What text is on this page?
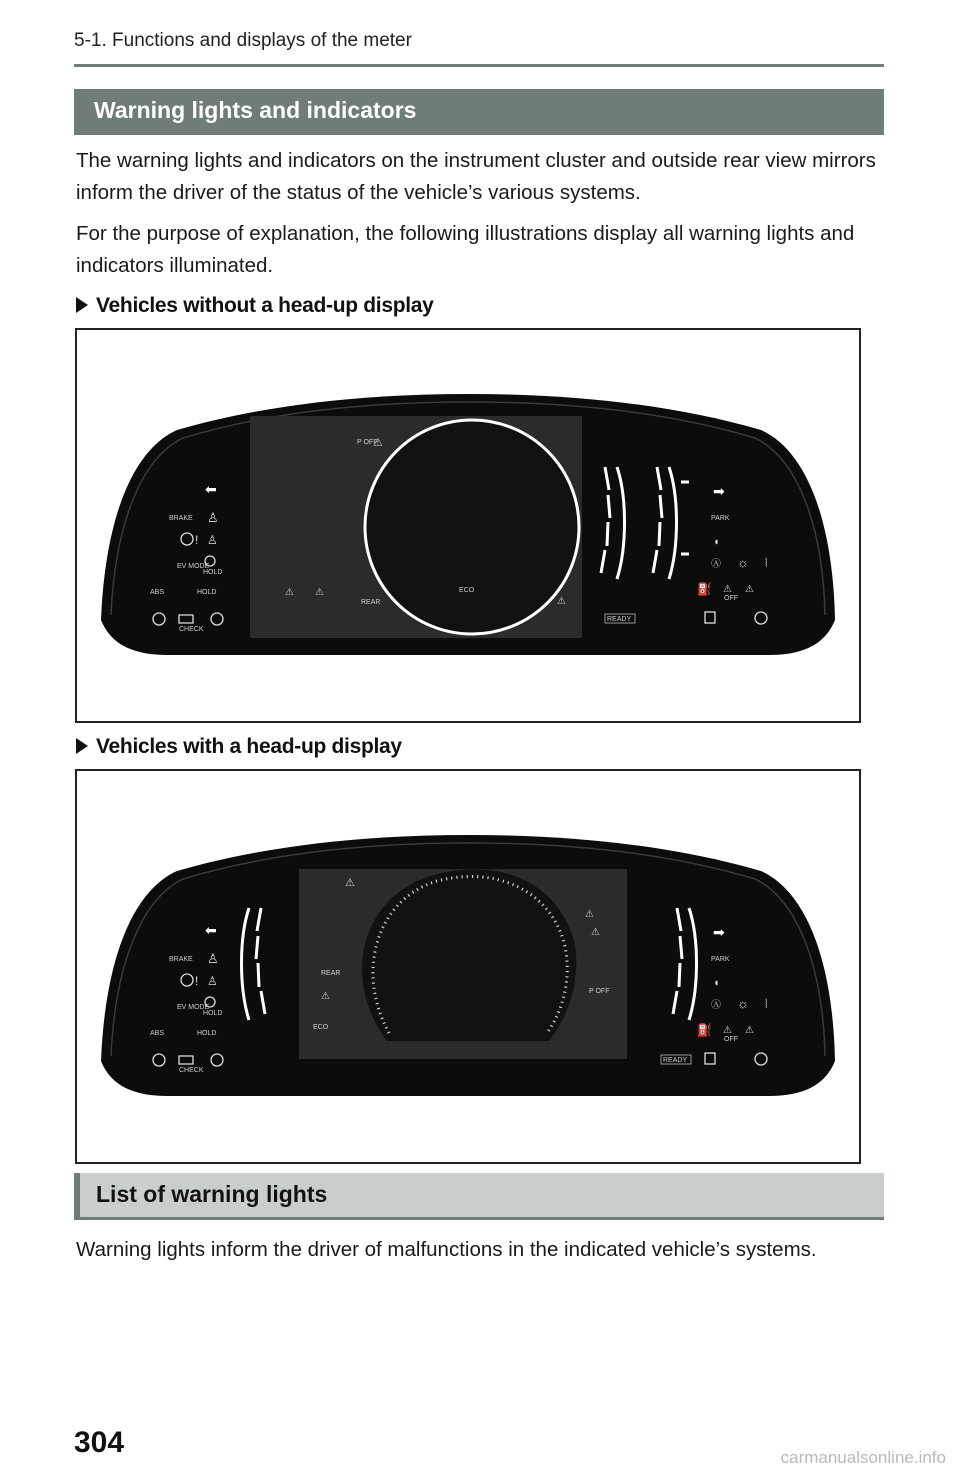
5-1. Functions and displays of the meter
Warning lights and indicators
The warning lights and indicators on the instrument cluster and outside rear view mirrors inform the driver of the status of the vehicle’s various systems.
For the purpose of explanation, the following illustrations display all warning lights and indicators illuminated.
Vehicles without a head-up display
⬅
BRAKE ♙
! ♙
EV MODE
HOLD
ABS	HOLD
CHECK
P OFF
⚠
⚠ ⚠
REAR
ECO
⚠
➡
PARK
◖
Ⓐ ☼ ⦚
⛽ ⚠
OFF
⚠
READY
Vehicles with a head-up display
⬅
BRAKE ♙
! ♙
EV MODE
HOLD
ABS	HOLD
CHECK
⚠
⚠
⚠
REAR
⚠
ECO
P OFF
➡
PARK
◖
Ⓐ ☼ ⦚
⛽ ⚠
OFF
⚠
READY
List of warning lights
Warning lights inform the driver of malfunctions in the indicated vehicle’s systems.
304	carmanualsonline.info
